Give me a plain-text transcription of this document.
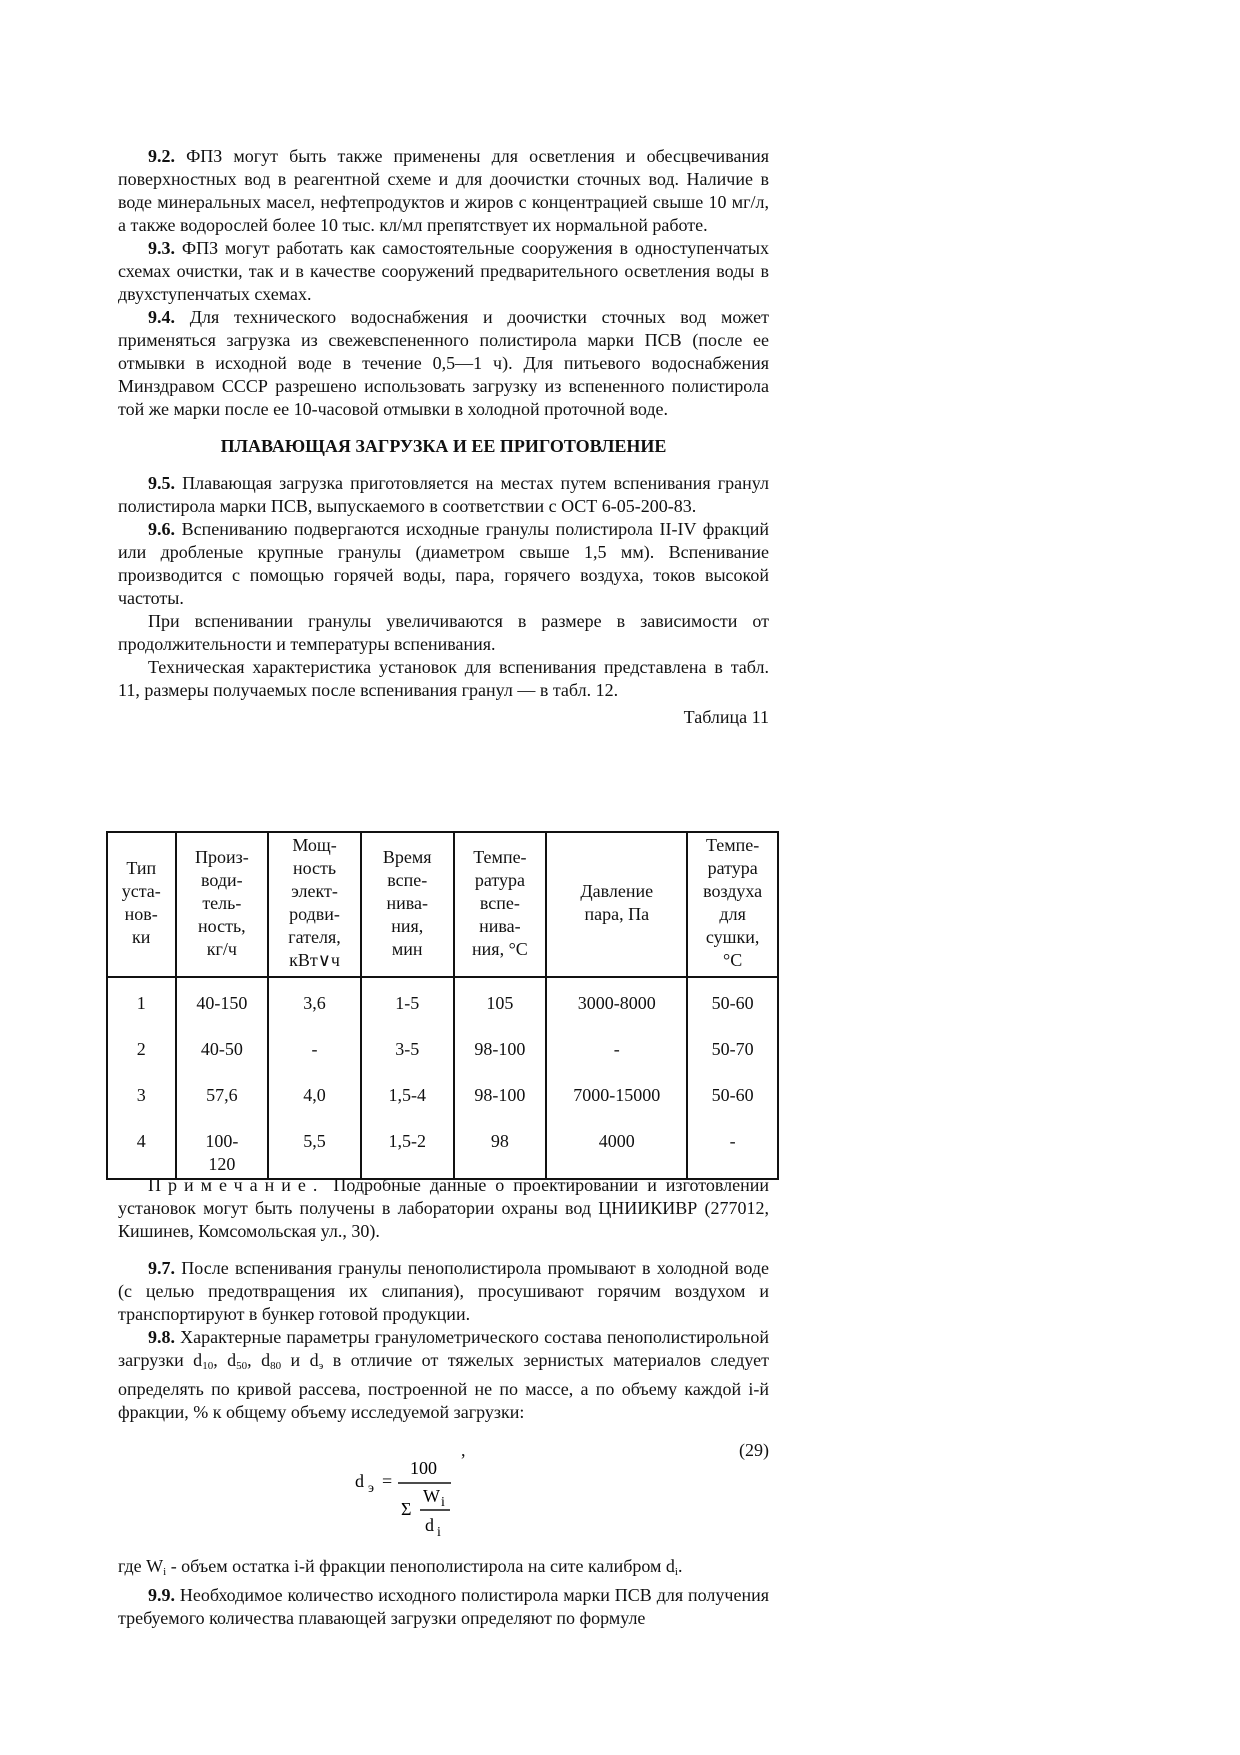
9.2. ФПЗ могут быть также применены для осветления и обесцвечивания поверхностных вод в реагентной схеме и для доочистки сточных вод. Наличие в воде минеральных масел, нефтепродуктов и жиров с концентрацией свыше 10 мг/л, а также водорослей более 10 тыс. кл/мл препятствует их нормальной работе.

9.3. ФПЗ могут работать как самостоятельные сооружения в одноступенчатых схемах очистки, так и в качестве сооружений предварительного осветления воды в двухступенчатых схемах.

9.4. Для технического водоснабжения и доочистки сточных вод может применяться загрузка из свежевспененного полистирола марки ПСВ (после ее отмывки в исходной воде в течение 0,5—1 ч). Для питьевого водоснабжения Минздравом СССР разрешено использовать загрузку из вспененного полистирола той же марки после ее 10-часовой отмывки в холодной проточной воде.

ПЛАВАЮЩАЯ ЗАГРУЗКА И ЕЕ ПРИГОТОВЛЕНИЕ

9.5. Плавающая загрузка приготовляется на местах путем вспенивания гранул полистирола марки ПСВ, выпускаемого в соответствии с ОСТ 6-05-200-83.

9.6. Вспениванию подвергаются исходные гранулы полистирола II-IV фракций или дробленые крупные гранулы (диаметром свыше 1,5 мм). Вспенивание производится с помощью горячей воды, пара, горячего воздуха, токов высокой частоты.

При вспенивании гранулы увеличиваются в размере в зависимости от продолжительности и температуры вспенивания.

Техническая характеристика установок для вспенивания представлена в табл. 11, размеры получаемых после вспенивания гранул — в табл. 12.

Таблица 11
Тип уста-нов-ки	Произ-води-тель-ность, кг/ч	Мощ-ность элект-родви-гателя, кВт∨ч	Время вспе-нива-ния, мин	Темпе-ратура вспе-нива-ния, °С	Давление пара, Па	Темпе-ратура воздуха для сушки, °С
1	40-150	3,6	1-5	105	3000-8000	50-60
2	40-50	-	3-5	98-100	-	50-70
3	57,6	4,0	1,5-4	98-100	7000-15000	50-60
4	100-120	5,5	1,5-2	98	4000	-

Примечание. Подробные данные о проектировании и изготовлении установок могут быть получены в лаборатории охраны вод ЦНИИКИВР (277012, Кишинев, Комсомольская ул., 30).

9.7. После вспенивания гранулы пенополистирола промывают в холодной воде (с целью предотвращения их слипания), просушивают горячим воздухом и транспортируют в бункер готовой продукции.

9.8. Характерные параметры гранулометрического состава пенополистирольной загрузки $d_{10}$, $d_{50}$, $d_{80}$ и $d_э$ в отличие от тяжелых зернистых материалов следует определять по кривой рассева, построенной не по массе, а по объему каждой i-й фракции, % к общему объему исследуемой загрузки:

,	(29)
d э =
100
Σ
W i
d i

где $W_i$ - объем остатка i-й фракции пенополистирола на сите калибром $d_i$.

9.9. Необходимое количество исходного полистирола марки ПСВ для получения требуемого количества плавающей загрузки определяют по формуле
